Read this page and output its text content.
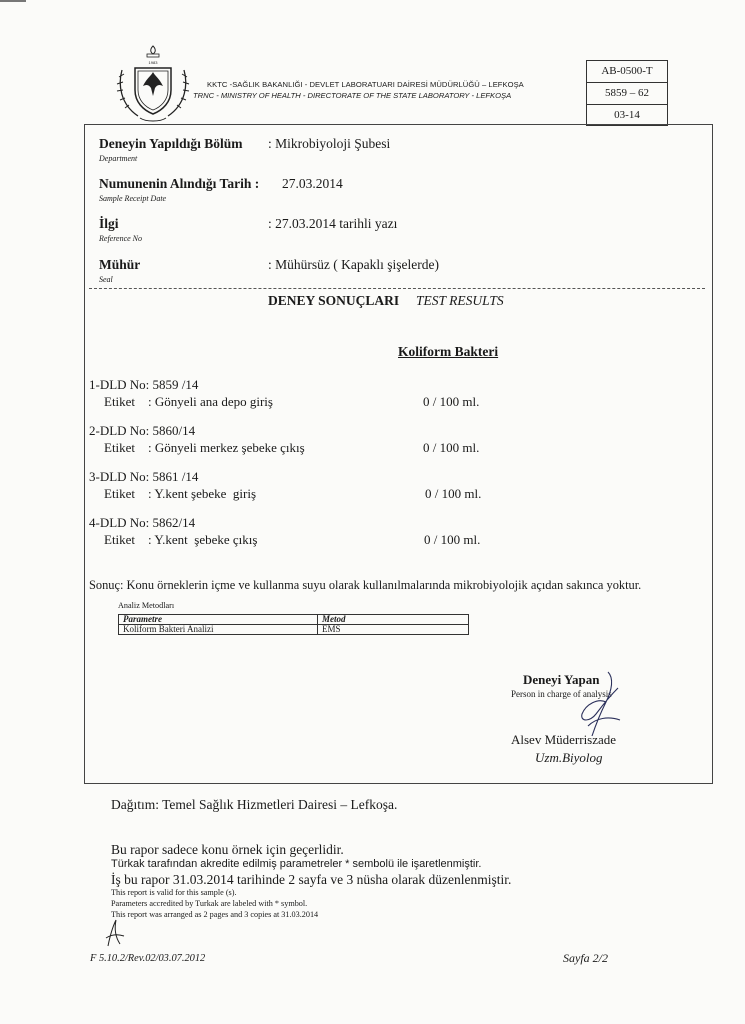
1983
KKTC -SAĞLIK BAKANLIĞI - DEVLET LABORATUARI DAİRESİ MÜDÜRLÜĞÜ – LEFKOŞA
TRNC - MINISTRY OF HEALTH - DIRECTORATE OF THE STATE LABORATORY - LEFKOŞA
AB-0500-T
5859 – 62
03-14
Deneyin Yapıldığı Bölüm
Department
: Mikrobiyoloji Şubesi
Numunenin Alındığı Tarih :
Sample Receipt Date
27.03.2014
İlgi
Reference No
: 27.03.2014 tarihli yazı
Mühür
Seal
: Mühürsüz ( Kapaklı şişelerde)
DENEY SONUÇLARI TEST RESULTS
Koliform Bakteri
1-DLD No: 5859 /14
Etiket    : Gönyeli ana depo giriş	0 / 100 ml.
2-DLD No: 5860/14
Etiket    : Gönyeli merkez şebeke çıkış	0 / 100 ml.
3-DLD No: 5861 /14
Etiket    : Y.kent şebeke  giriş	0 / 100 ml.
4-DLD No: 5862/14
Etiket    : Y.kent  şebeke çıkış	0 / 100 ml.
Sonuç: Konu örneklerin içme ve kullanma suyu olarak kullanılmalarında mikrobiyolojik açıdan sakınca yoktur.
Analiz Metodları
Parametre	Metod
Koliform Bakteri Analizi	EMS
Deneyi Yapan
Person in charge of analysis
Alsev Müderriszade
Uzm.Biyolog
Dağıtım: Temel Sağlık Hizmetleri Dairesi – Lefkoşa.
Bu rapor sadece konu örnek için geçerlidir.
Türkak tarafından akredite edilmiş parametreler * sembolü ile işaretlenmiştir.
İş bu rapor 31.03.2014 tarihinde 2 sayfa ve 3 nüsha olarak düzenlenmiştir.
This report is valid for this sample (s).
Parameters accredited by Turkak are labeled with * symbol.
This report was arranged as 2 pages and 3 copies at 31.03.2014
F 5.10.2/Rev.02/03.07.2012	Sayfa 2/2
